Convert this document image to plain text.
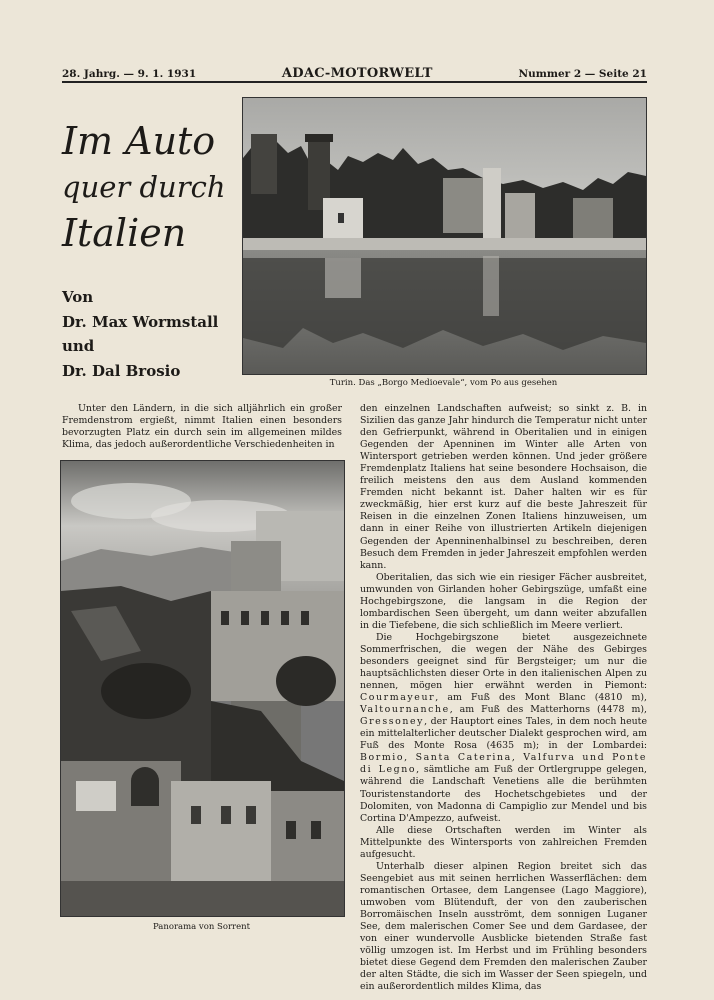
28. Jahrg. — 9. 1. 1931	ADAC-MOTORWELT	Nummer 2 — Seite 21
Im Auto
quer durch
Italien
Von
Dr. Max Wormstall
und
Dr. Dal Brosio
Turin. Das „Borgo Medioevale“, vom Po aus gesehen

Unter den Ländern, in die sich alljährlich ein großer Fremdenstrom ergießt, nimmt Italien einen besonders bevorzugten Platz ein durch sein im allgemeinen mildes Klima, das jedoch außerordentliche Verschiedenheiten in

Panorama von Sorrent

den einzelnen Landschaften aufweist; so sinkt z. B. in Sizilien das ganze Jahr hindurch die Temperatur nicht unter den Gefrierpunkt, während in Oberitalien und in einigen Gegenden der Apenninen im Winter alle Arten von Wintersport getrieben werden können. Und jeder größere Fremdenplatz Italiens hat seine besondere Hochsaison, die freilich meistens den aus dem Ausland kommenden Fremden nicht bekannt ist. Daher halten wir es für zweckmäßig, hier erst kurz auf die beste Jahreszeit für Reisen in die einzelnen Zonen Italiens hinzuweisen, um dann in einer Reihe von illustrierten Artikeln diejenigen Gegenden der Apenninenhalbinsel zu beschreiben, deren Besuch dem Fremden in jeder Jahreszeit empfohlen werden kann.

Oberitalien, das sich wie ein riesiger Fächer ausbreitet, umwunden von Girlanden hoher Gebirgszüge, umfaßt eine Hochgebirgszone, die langsam in die Region der lombardischen Seen übergeht, um dann weiter abzufallen in die Tiefebene, die sich schließlich im Meere verliert.

Die Hochgebirgszone bietet ausgezeichnete Sommerfrischen, die wegen der Nähe des Gebirges besonders geeignet sind für Bergsteiger; um nur die hauptsächlichsten dieser Orte in den italienischen Alpen zu nennen, mögen hier erwähnt werden in Piemont: Courmayeur, am Fuß des Mont Blanc (4810 m), Valtournanche, am Fuß des Matterhorns (4478 m), Gressoney, der Hauptort eines Tales, in dem noch heute ein mittelalterlicher deutscher Dialekt gesprochen wird, am Fuß des Monte Rosa (4635 m); in der Lombardei: Bormio, Santa Caterina, Valfurva und Ponte di Legno, sämtliche am Fuß der Ortlergruppe gelegen, während die Landschaft Venetiens alle die berühmten Touristenstandorte des Hochetschgebietes und der Dolomiten, von Madonna di Campiglio zur Mendel und bis Cortina D'Ampezzo, aufweist.

Alle diese Ortschaften werden im Winter als Mittelpunkte des Wintersports von zahlreichen Fremden aufgesucht.

Unterhalb dieser alpinen Region breitet sich das Seengebiet aus mit seinen herrlichen Wasserflächen: dem romantischen Ortasee, dem Langensee (Lago Maggiore), umwoben vom Blütenduft, der von den zauberischen Borromäischen Inseln ausströmt, dem sonnigen Luganer See, dem malerischen Comer See und dem Gardasee, der von einer wundervolle Ausblicke bietenden Straße fast völlig umzogen ist. Im Herbst und im Frühling besonders bietet diese Gegend dem Fremden den malerischen Zauber der alten Städte, die sich im Wasser der Seen spiegeln, und ein außerordentlich mildes Klima, das
